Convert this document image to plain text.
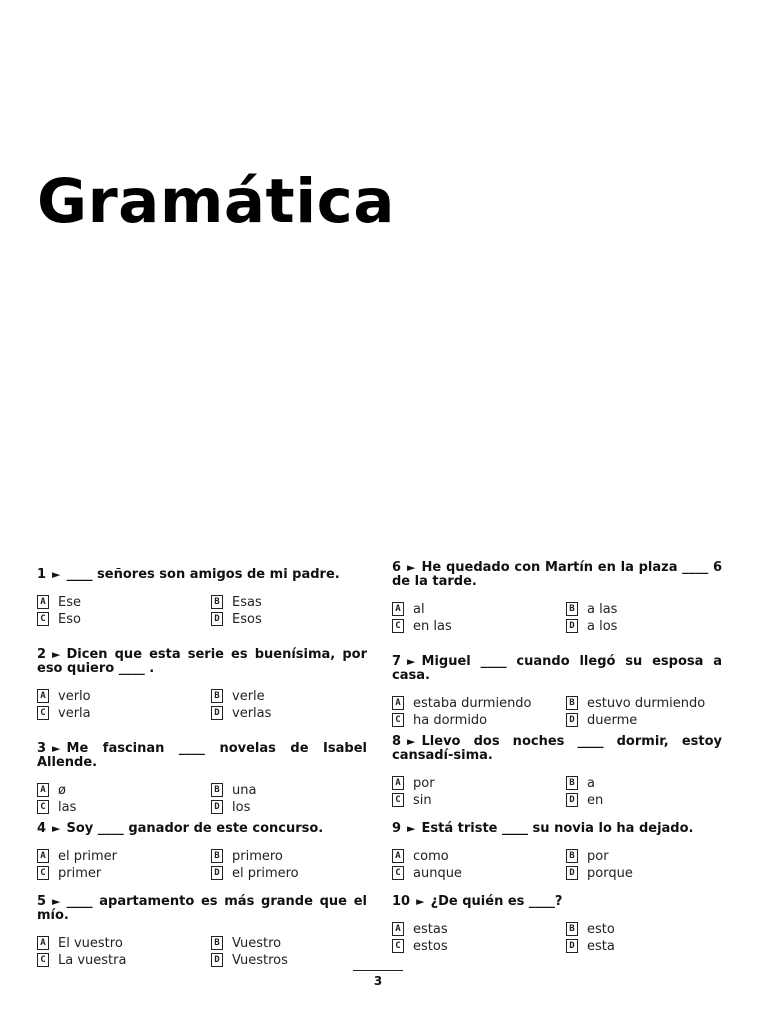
Gramática

1 ► ____ señores son amigos de mi padre.

A Ese	B Esas
C Eso	D Esos

2 ► Dicen que esta serie es buenísima, por eso quiero ____ .

A verlo	B verle
C verla	D verlas

3 ► Me fascinan ____ novelas de Isabel Allende.

A ø	B una
C las	D los

4 ► Soy ____ ganador de este concurso.

A el primer	B primero
C primer	D el primero

5 ► ____ apartamento es más grande que el mío.

A El vuestro	B Vuestro
C La vuestra	D Vuestros

6 ► He quedado con Martín en la plaza ____ 6 de la tarde.

A al	B a las
C en las	D a los

7 ► Miguel ____ cuando llegó su esposa a casa.

A estaba durmiendo	B estuvo durmiendo
C ha dormido	D duerme

8 ► Llevo dos noches ____ dormir, estoy cansadí-sima.

A por	B a
C sin	D en

9 ► Está triste ____ su novia lo ha dejado.

A como	B por
C aunque	D porque

10 ► ¿De quién es ____?

A estas	B esto
C estos	D esta
3
